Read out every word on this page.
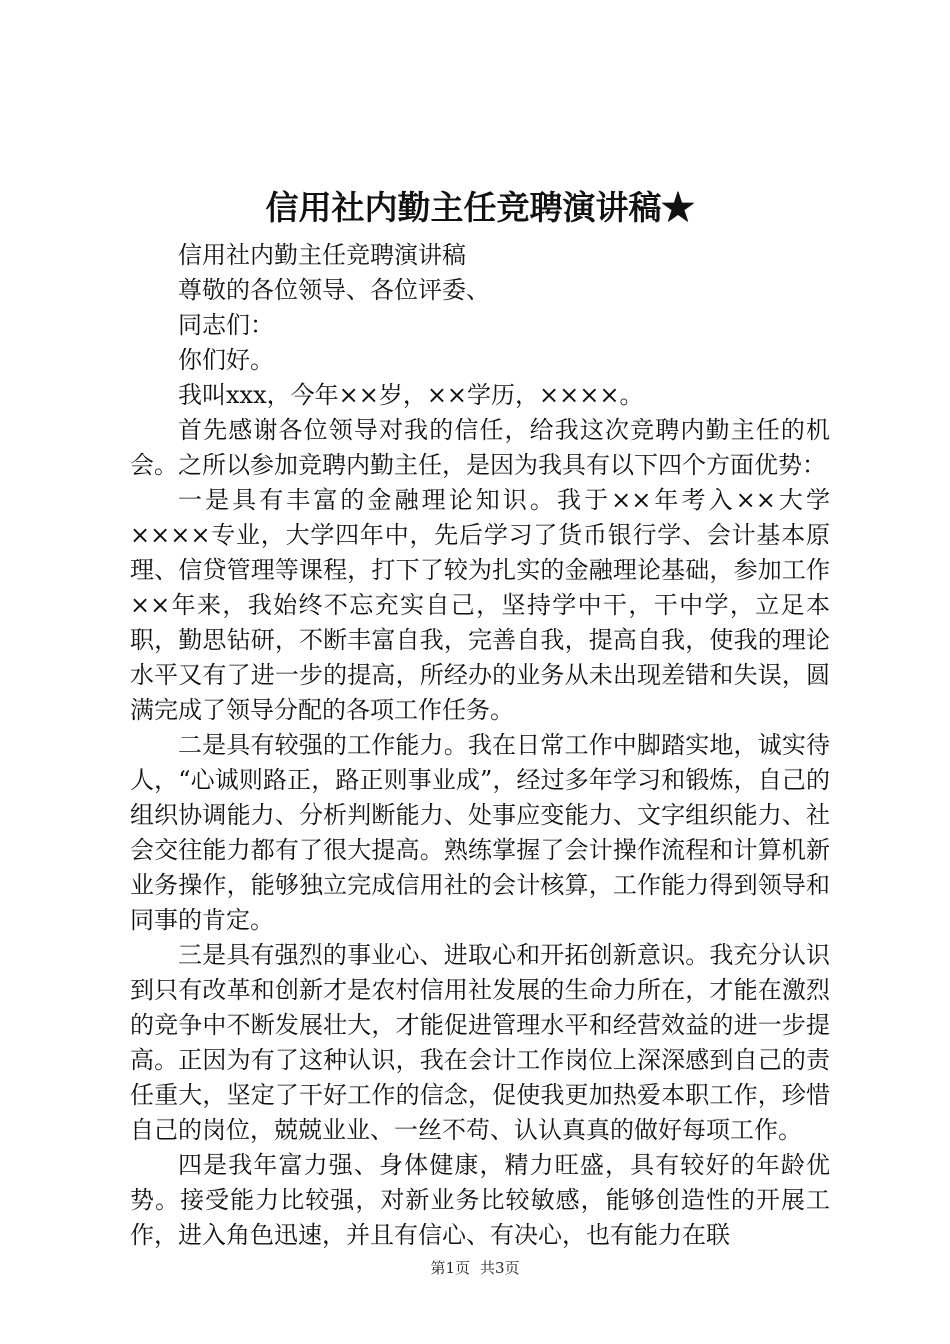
信用社内勤主任竞聘演讲稿★

信用社内勤主任竞聘演讲稿

尊敬的各位领导、各位评委、

同志们：

你们好。

我叫xxx，今年××岁，××学历，××××。

首先感谢各位领导对我的信任，给我这次竞聘内勤主任的机会。之所以参加竞聘内勤主任，是因为我具有以下四个方面优势：

一是具有丰富的金融理论知识。我于××年考入××大学××××专业，大学四年中，先后学习了货币银行学、会计基本原理、信贷管理等课程，打下了较为扎实的金融理论基础，参加工作××年来，我始终不忘充实自己，坚持学中干，干中学，立足本职，勤思钻研，不断丰富自我，完善自我，提高自我，使我的理论水平又有了进一步的提高，所经办的业务从未出现差错和失误，圆满完成了领导分配的各项工作任务。

二是具有较强的工作能力。我在日常工作中脚踏实地，诚实待人，“心诚则路正，路正则事业成”，经过多年学习和锻炼，自己的组织协调能力、分析判断能力、处事应变能力、文字组织能力、社会交往能力都有了很大提高。熟练掌握了会计操作流程和计算机新业务操作，能够独立完成信用社的会计核算，工作能力得到领导和同事的肯定。

三是具有强烈的事业心、进取心和开拓创新意识。我充分认识到只有改革和创新才是农村信用社发展的生命力所在，才能在激烈的竞争中不断发展壮大，才能促进管理水平和经营效益的进一步提高。正因为有了这种认识，我在会计工作岗位上深深感到自己的责任重大，坚定了干好工作的信念，促使我更加热爱本职工作，珍惜自己的岗位，兢兢业业、一丝不苟、认认真真的做好每项工作。

四是我年富力强、身体健康，精力旺盛，具有较好的年龄优势。接受能力比较强，对新业务比较敏感，能够创造性的开展工作，进入角色迅速，并且有信心、有决心，也有能力在联

第1页 共3页
